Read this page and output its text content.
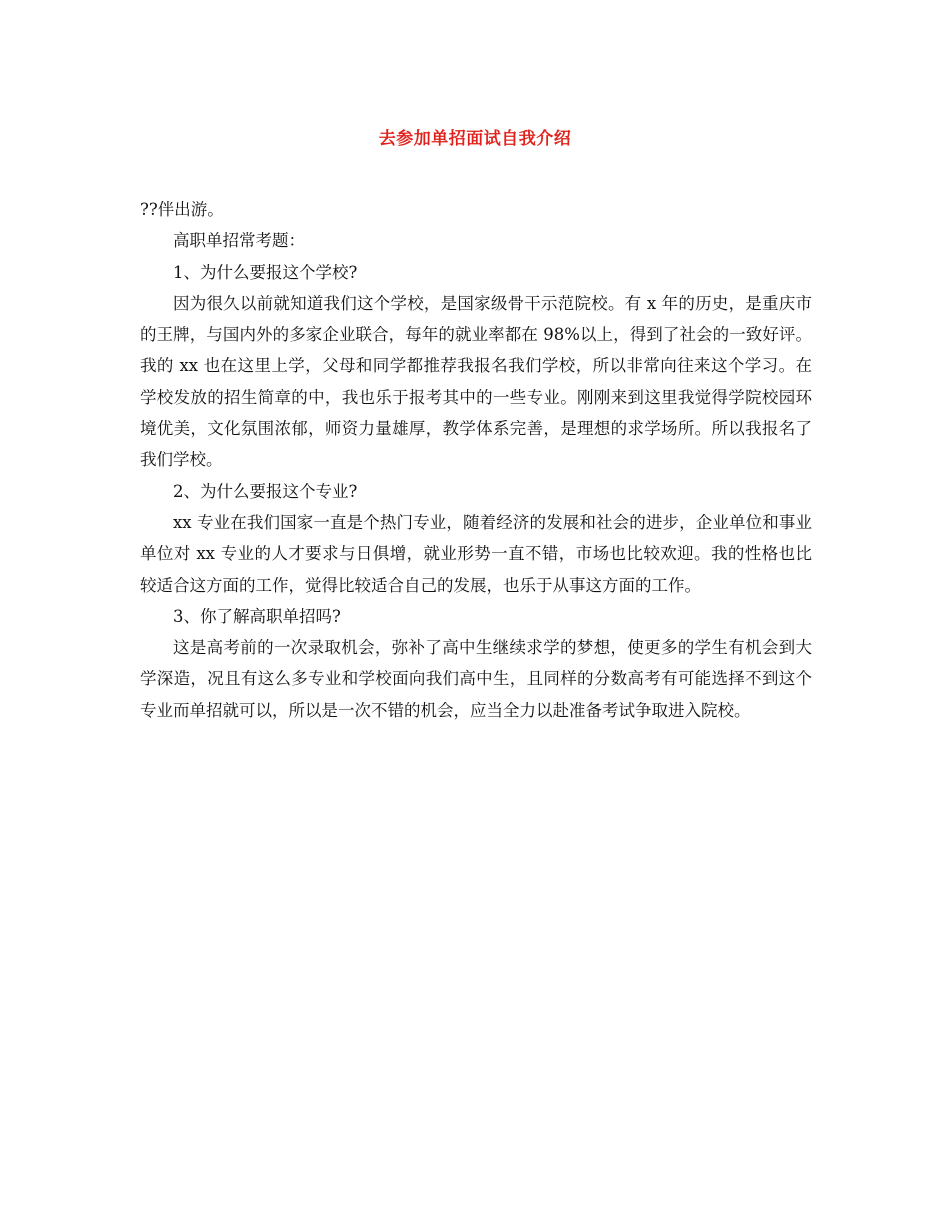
去参加单招面试自我介绍

??伴出游。

高职单招常考题：

1、为什么要报这个学校?

因为很久以前就知道我们这个学校，是国家级骨干示范院校。有 x 年的历史，是重庆市的王牌，与国内外的多家企业联合，每年的就业率都在 98%以上，得到了社会的一致好评。我的 xx 也在这里上学，父母和同学都推荐我报名我们学校，所以非常向往来这个学习。在学校发放的招生简章的中，我也乐于报考其中的一些专业。刚刚来到这里我觉得学院校园环境优美，文化氛围浓郁，师资力量雄厚，教学体系完善，是理想的求学场所。所以我报名了我们学校。

2、为什么要报这个专业?

xx 专业在我们国家一直是个热门专业，随着经济的发展和社会的进步，企业单位和事业单位对 xx 专业的人才要求与日俱增，就业形势一直不错，市场也比较欢迎。我的性格也比较适合这方面的工作，觉得比较适合自己的发展，也乐于从事这方面的工作。

3、你了解高职单招吗?

这是高考前的一次录取机会，弥补了高中生继续求学的梦想，使更多的学生有机会到大学深造，况且有这么多专业和学校面向我们高中生，且同样的分数高考有可能选择不到这个专业而单招就可以，所以是一次不错的机会，应当全力以赴准备考试争取进入院校。
